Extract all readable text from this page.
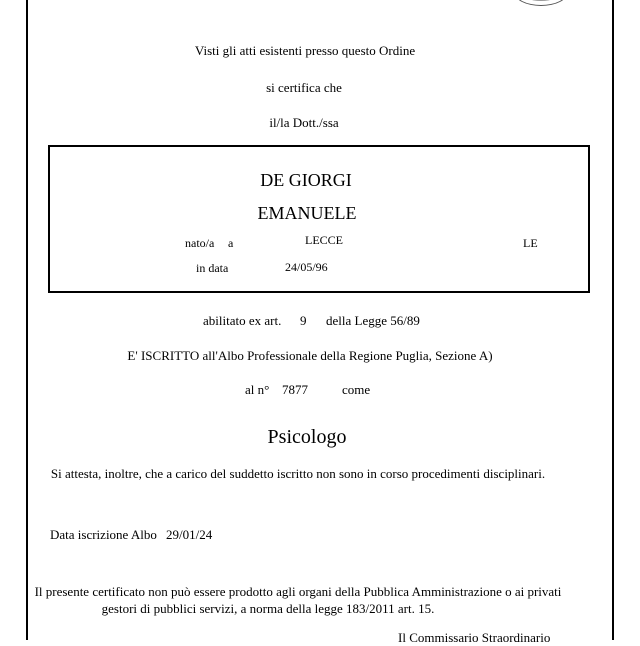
Visti gli atti esistenti presso questo Ordine
si certifica che
il/la Dott./ssa
DE GIORGI
EMANUELE
nato/a a	LECCE	LE
in data	24/05/96
abilitato ex art. 9 della Legge 56/89
E' ISCRITTO all'Albo Professionale della Regione Puglia, Sezione A)
al n° 7877	come
Psicologo
Si attesta, inoltre, che a carico del suddetto iscritto non sono in corso procedimenti disciplinari.
Data iscrizione Albo 29/01/24
Il presente certificato non può essere prodotto agli organi della Pubblica Amministrazione o ai privati
gestori di pubblici servizi, a norma della legge 183/2011 art. 15.
Il Commissario Straordinario
